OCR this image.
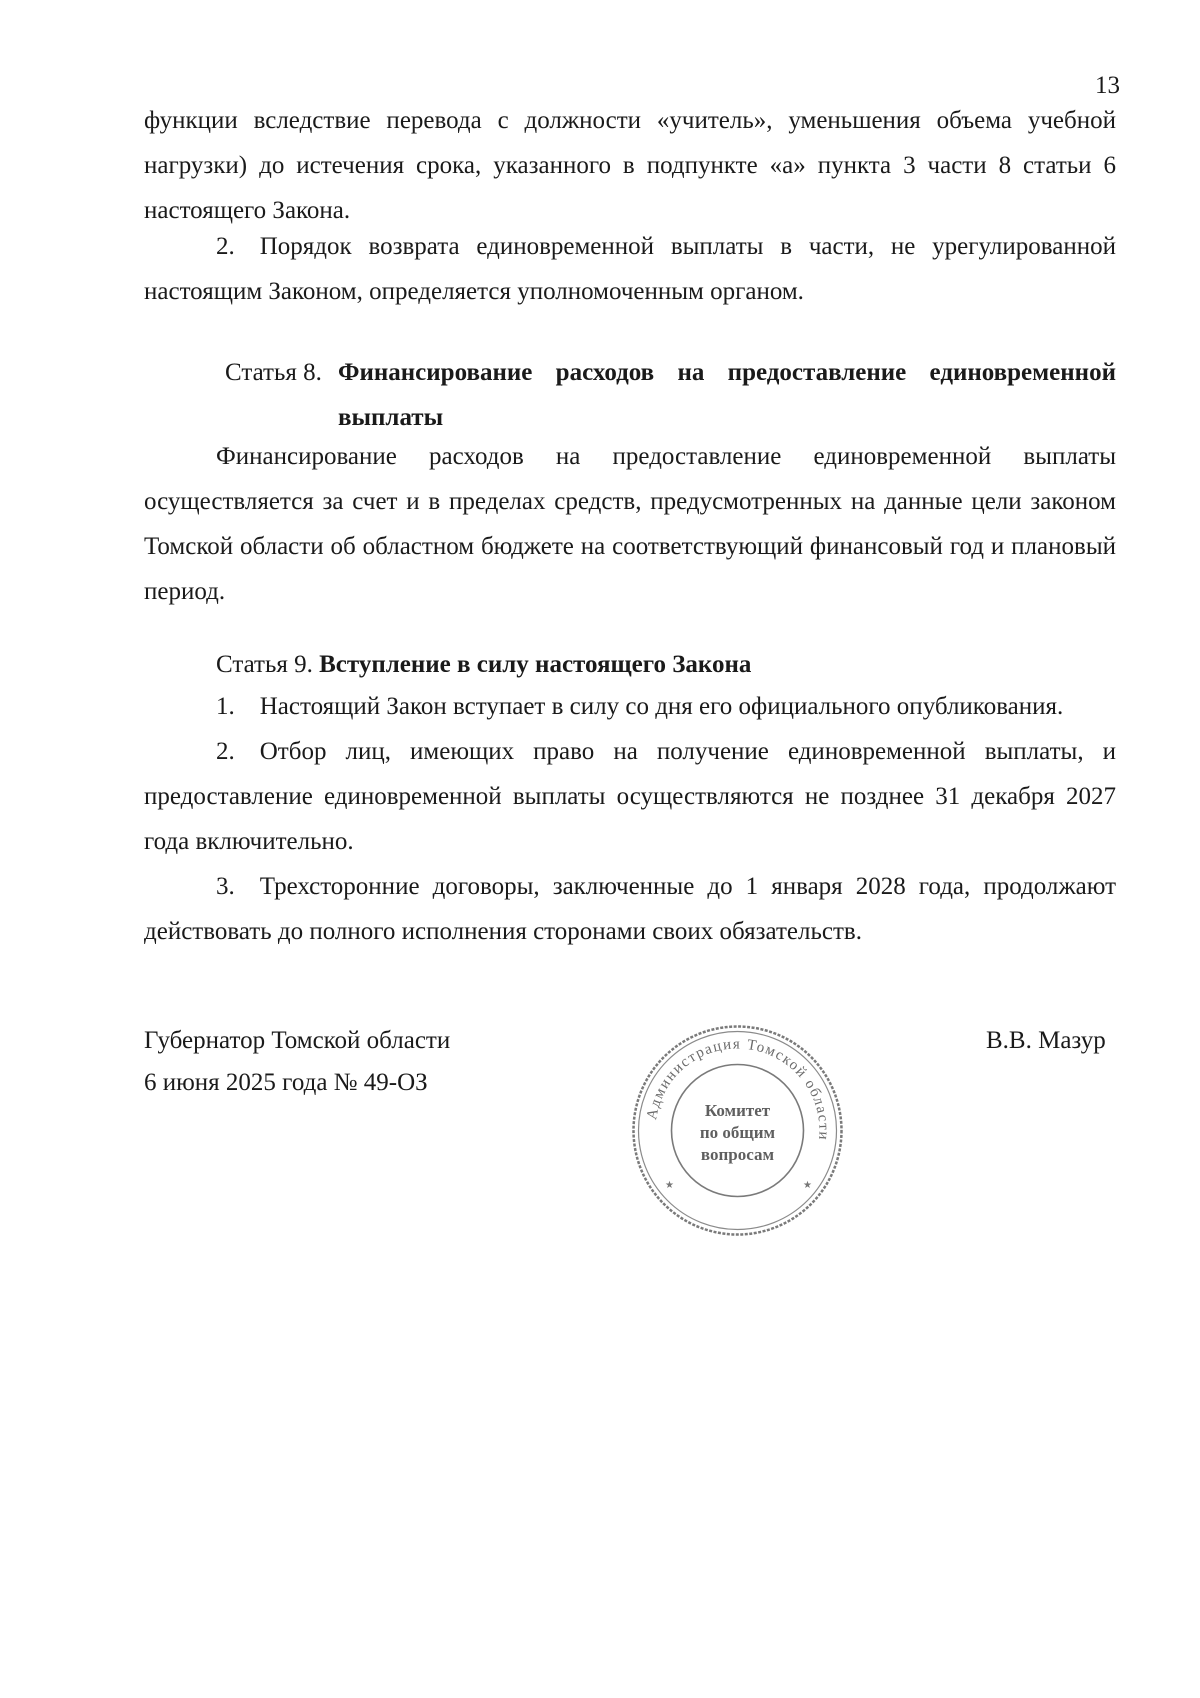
13

функции вследствие перевода с должности «учитель», уменьшения объема учебной нагрузки) до истечения срока, указанного в подпункте «а» пункта 3 части 8 статьи 6 настоящего Закона.

2. Порядок возврата единовременной выплаты в части, не урегулированной настоящим Законом, определяется уполномоченным органом.

Статья 8. Финансирование расходов на предоставление единовременной выплаты

Финансирование расходов на предоставление единовременной выплаты осуществляется за счет и в пределах средств, предусмотренных на данные цели законом Томской области об областном бюджете на соответствующий финансовый год и плановый период.

Статья 9. Вступление в силу настоящего Закона

1. Настоящий Закон вступает в силу со дня его официального опубликования.

2. Отбор лиц, имеющих право на получение единовременной выплаты, и предоставление единовременной выплаты осуществляются не позднее 31 декабря 2027 года включительно.

3. Трехсторонние договоры, заключенные до 1 января 2028 года, продолжают действовать до полного исполнения сторонами своих обязательств.

Губернатор Томской области
6 июня 2025 года № 49-ОЗ
В.В. Мазур
Администрация Томской области
Комитет
по общим
вопросам
★	★
